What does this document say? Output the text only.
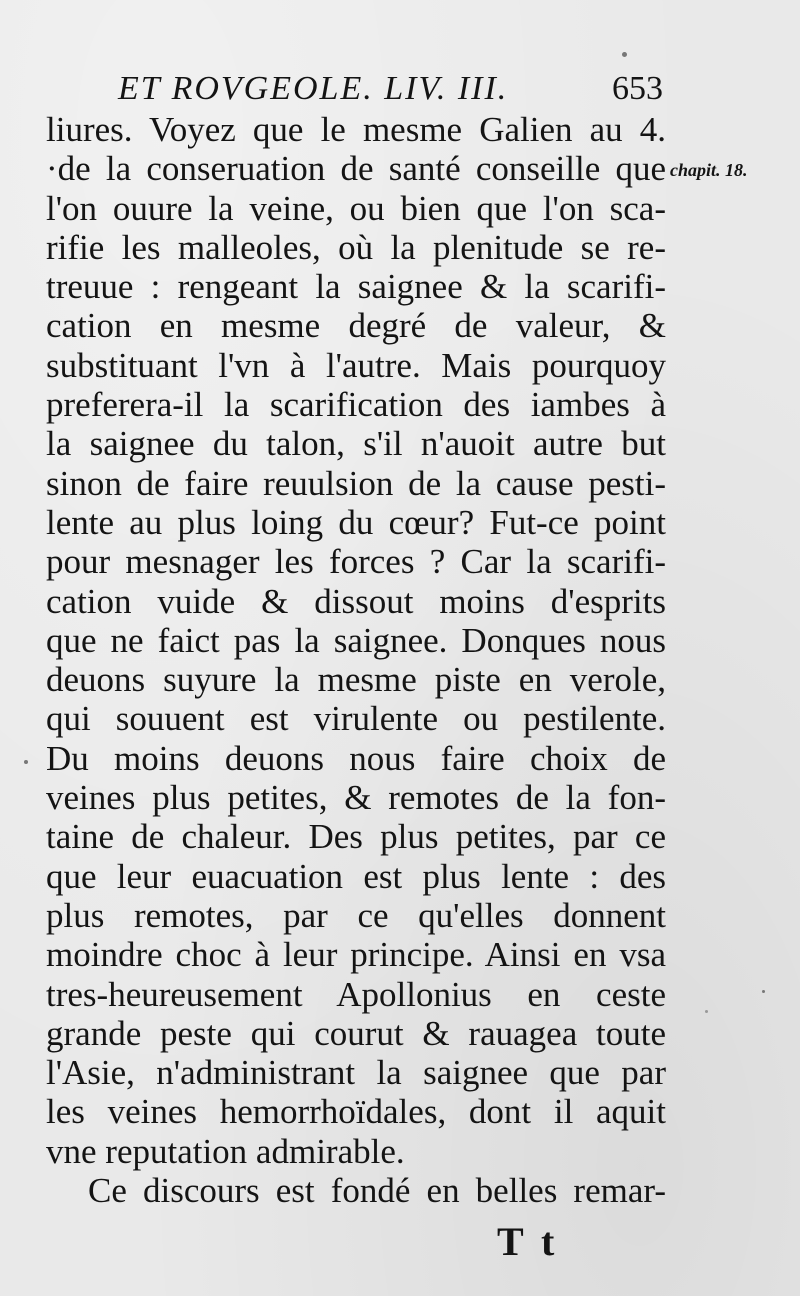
ET ROVGEOLE. LIV. III.	653
chapit. 18.
liures. Voyez que le mesme Galien au 4.
·de la conseruation de santé conseille que
l'on ouure la veine, ou bien que l'on sca-
rifie les malleoles, où la plenitude se re-
treuue : rengeant la saignee & la scarifi-
cation en mesme degré de valeur, &
substituant l'vn à l'autre. Mais pourquoy
preferera-il la scarification des iambes à
la saignee du talon, s'il n'auoit autre but
sinon de faire reuulsion de la cause pesti-
lente au plus loing du cœur? Fut-ce point
pour mesnager les forces ? Car la scarifi-
cation vuide & dissout moins d'esprits
que ne faict pas la saignee. Donques nous
deuons suyure la mesme piste en verole,
qui souuent est virulente ou pestilente.
Du moins deuons nous faire choix de
veines plus petites, & remotes de la fon-
taine de chaleur. Des plus petites, par ce
que leur euacuation est plus lente : des
plus remotes, par ce qu'elles donnent
moindre choc à leur principe. Ainsi en vsa
tres-heureusement Apollonius en ceste
grande peste qui courut & rauagea toute
l'Asie, n'administrant la saignee que par
les veines hemorrhoïdales, dont il aquit
vne reputation admirable.
Ce discours est fondé en belles remar-
T t
